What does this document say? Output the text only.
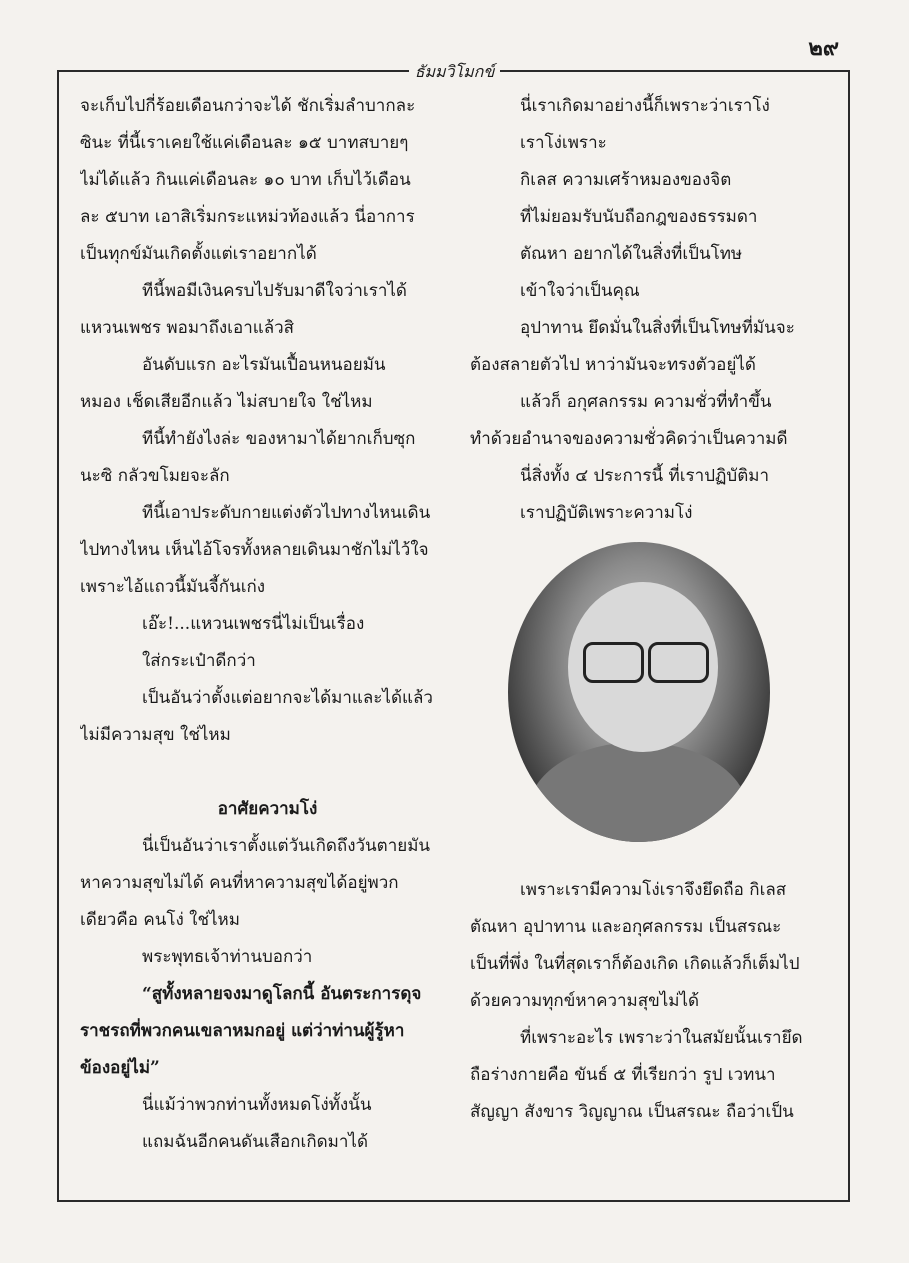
๒๙
ธัมมวิโมกข์
จะเก็บไปกี่ร้อยเดือนกว่าจะได้ ชักเริ่มลำบากละ
ซินะ ที่นี้เราเคยใช้แค่เดือนละ ๑๕ บาทสบายๆ
ไม่ได้แล้ว กินแค่เดือนละ ๑๐ บาท เก็บไว้เดือน
ละ ๕บาท เอาสิเริ่มกระแหม่วท้องแล้ว นี่อาการ
เป็นทุกข์มันเกิดตั้งแต่เราอยากได้
ทีนี้พอมีเงินครบไปรับมาดีใจว่าเราได้
แหวนเพชร พอมาถึงเอาแล้วสิ
อันดับแรก อะไรมันเปื้อนหนอยมัน
หมอง เช็ดเสียอีกแล้ว ไม่สบายใจ ใช่ไหม
ทีนี้ทำยังไงล่ะ ของหามาได้ยากเก็บซุก
นะซิ กลัวขโมยจะลัก
ทีนี้เอาประดับกายแต่งตัวไปทางไหนเดิน
ไปทางไหน เห็นไอ้โจรทั้งหลายเดินมาชักไม่ไว้ใจ
เพราะไอ้แถวนี้มันจี้กันเก่ง
เอ๊ะ!...แหวนเพชรนี่ไม่เป็นเรื่อง
ใส่กระเป๋าดีกว่า
เป็นอันว่าตั้งแต่อยากจะได้มาและได้แล้ว
ไม่มีความสุข ใช่ไหม
อาศัยความโง่
นี่เป็นอันว่าเราตั้งแต่วันเกิดถึงวันตายมัน
หาความสุขไม่ได้ คนที่หาความสุขได้อยู่พวก
เดียวคือ คนโง่ ใช่ไหม
พระพุทธเจ้าท่านบอกว่า
“สูทั้งหลายจงมาดูโลกนี้ อันตระการดุจ
ราชรถที่พวกคนเขลาหมกอยู่ แต่ว่าท่านผู้รู้หา
ข้องอยู่ไม่”
นี่แม้ว่าพวกท่านทั้งหมดโง่ทั้งนั้น
แถมฉันอีกคนดันเสือกเกิดมาได้
นี่เราเกิดมาอย่างนี้ก็เพราะว่าเราโง่
เราโง่เพราะ
กิเลส ความเศร้าหมองของจิต
ที่ไม่ยอมรับนับถือกฎของธรรมดา
ตัณหา อยากได้ในสิ่งที่เป็นโทษ
เข้าใจว่าเป็นคุณ
อุปาทาน ยึดมั่นในสิ่งที่เป็นโทษที่มันจะ
ต้องสลายตัวไป หาว่ามันจะทรงตัวอยู่ได้
แล้วก็ อกุศลกรรม ความชั่วที่ทำขึ้น
ทำด้วยอำนาจของความชั่วคิดว่าเป็นความดี
นี่สิ่งทั้ง ๔ ประการนี้ ที่เราปฏิบัติมา
เราปฏิบัติเพราะความโง่
เพราะเรามีความโง่เราจึงยึดถือ กิเลส
ตัณหา อุปาทาน และอกุศลกรรม เป็นสรณะ
เป็นที่พึ่ง ในที่สุดเราก็ต้องเกิด เกิดแล้วก็เต็มไป
ด้วยความทุกข์หาความสุขไม่ได้
ที่เพราะอะไร เพราะว่าในสมัยนั้นเรายึด
ถือร่างกายคือ ขันธ์ ๕ ที่เรียกว่า รูป เวทนา
สัญญา สังขาร วิญญาณ เป็นสรณะ ถือว่าเป็น
